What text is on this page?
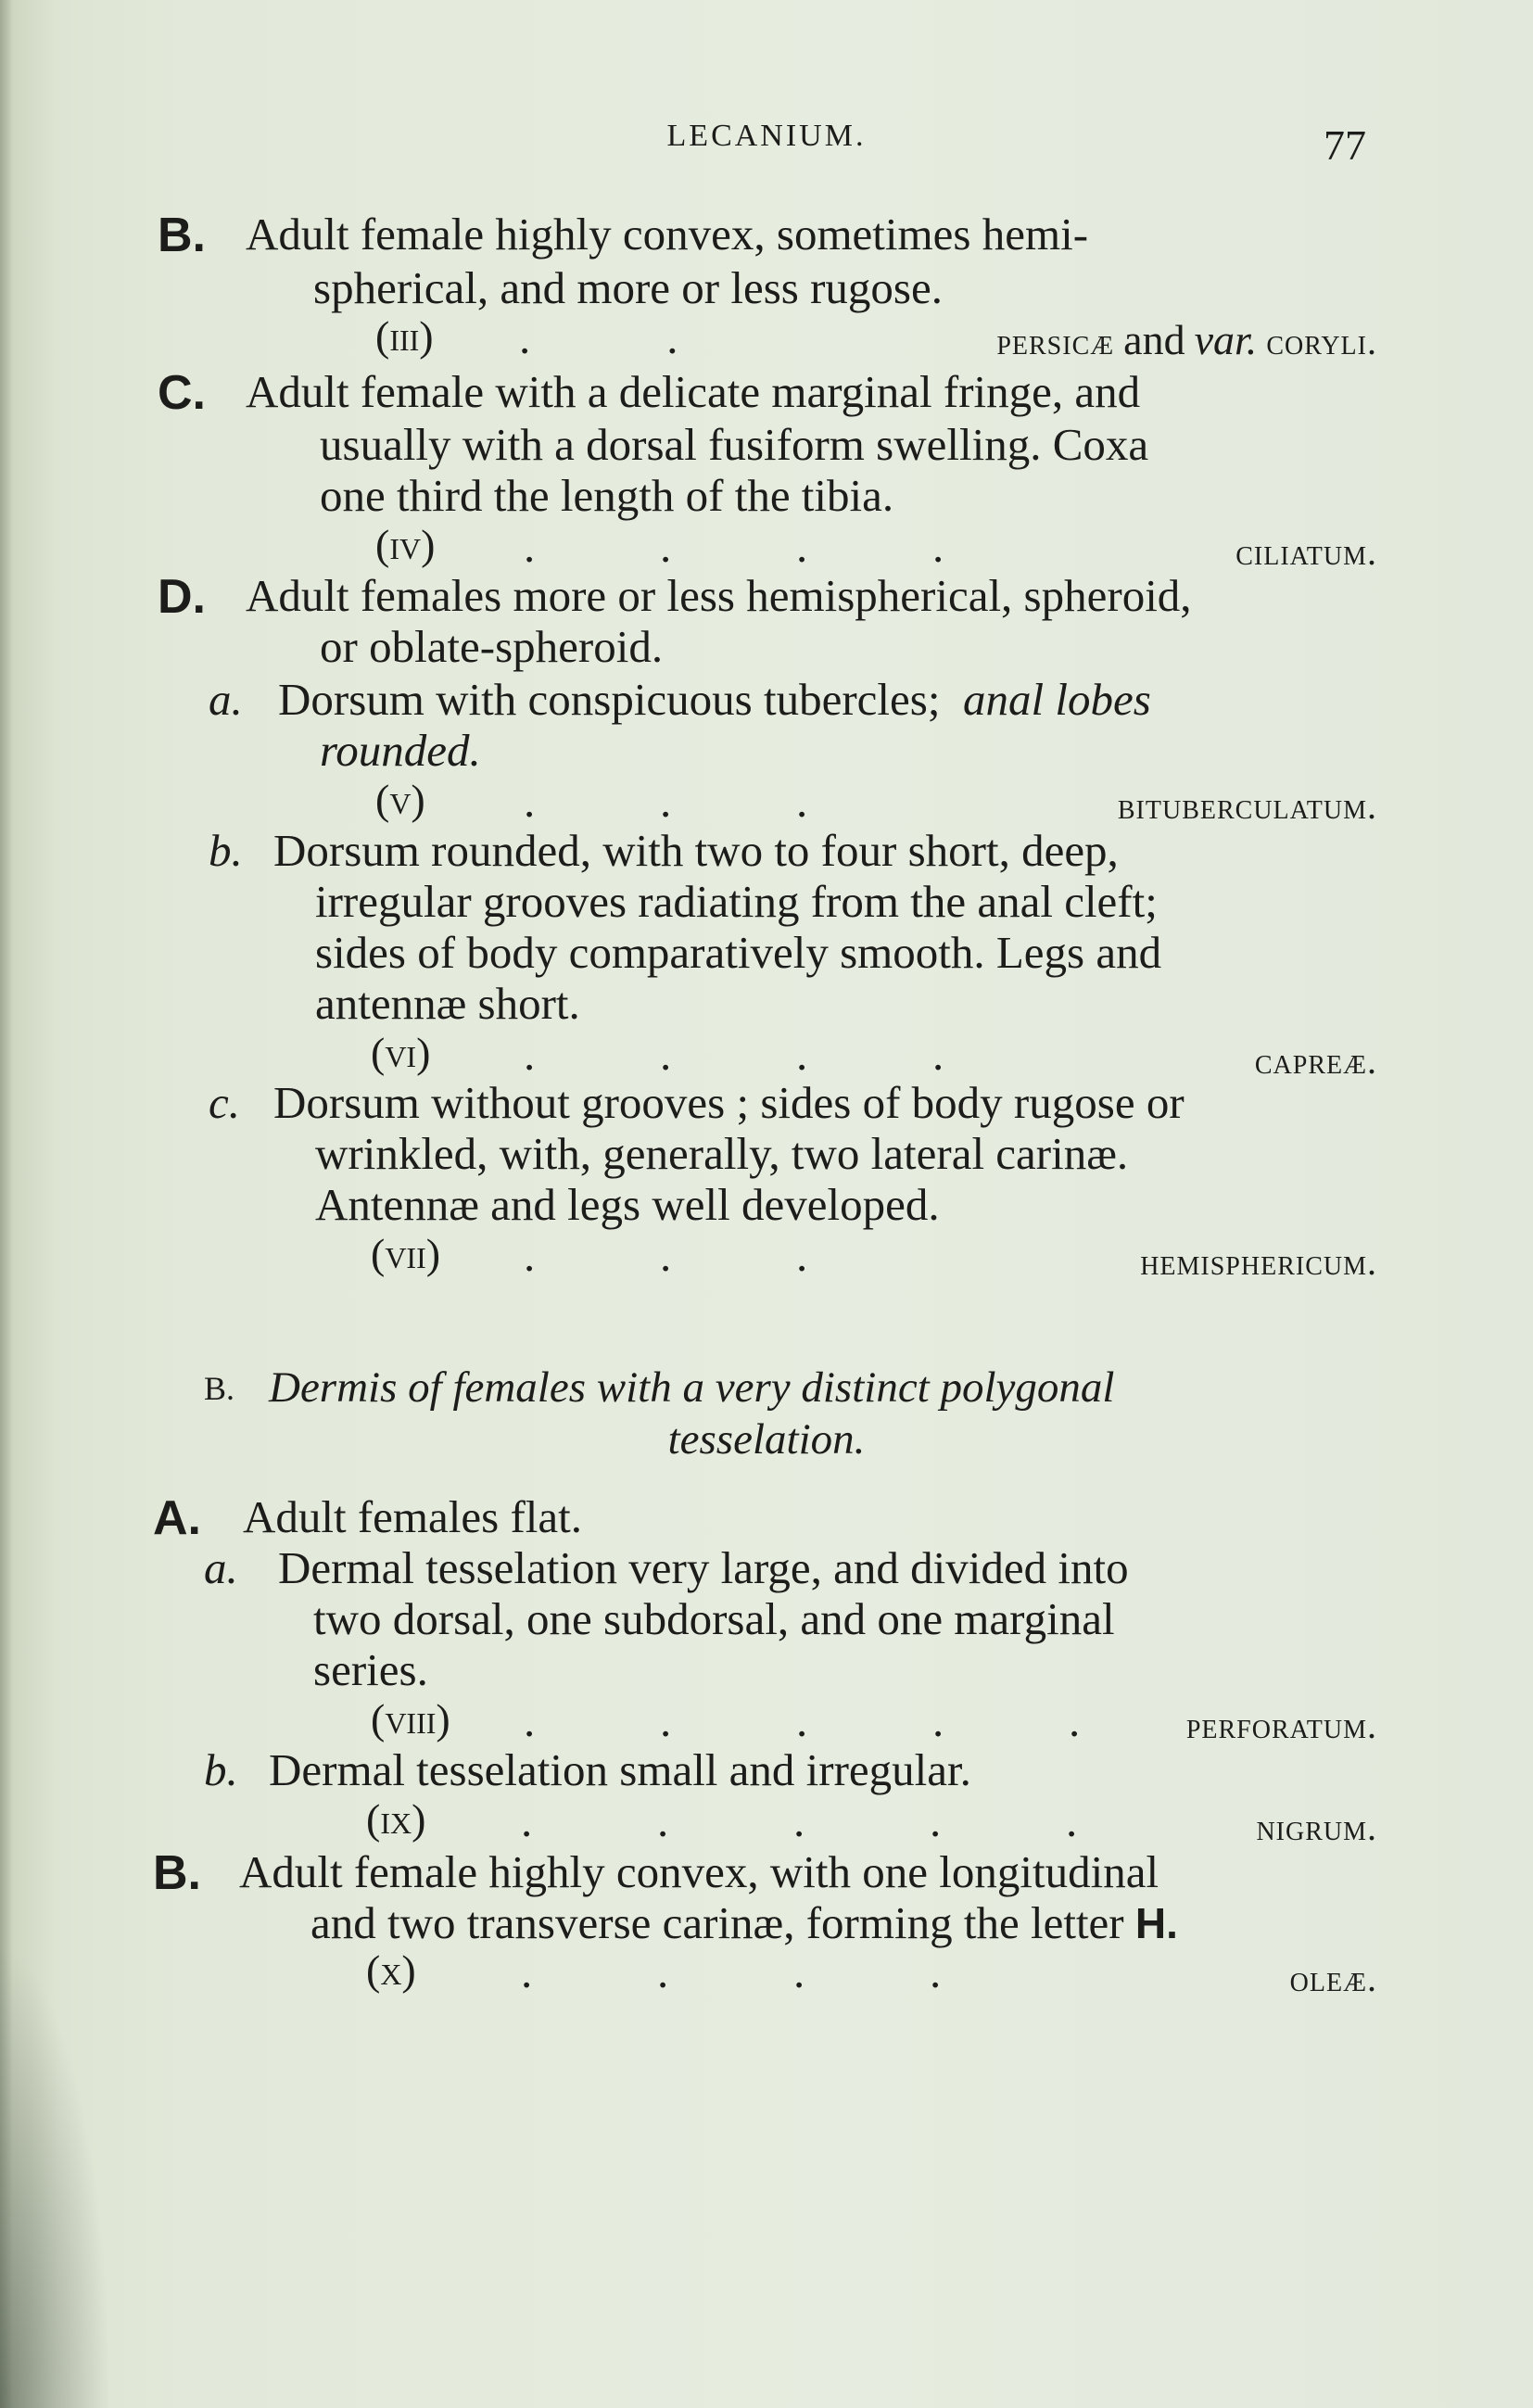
LECANIUM.	77
B. Adult female highly convex, sometimes hemi-
spherical, and more or less rugose.
(iii) .            .	persicæ and var. coryli.
C. Adult female with a delicate marginal fringe, and
usually with a dorsal fusiform swelling. Coxa
one third the length of the tibia.
(iv) .           .           .           .	ciliatum.
D. Adult females more or less hemispherical, spheroid,
or oblate-spheroid.
a. Dorsum with conspicuous tubercles; anal lobes
rounded.
(v) .           .           .	bituberculatum.
b. Dorsum rounded, with two to four short, deep,
irregular grooves radiating from the anal cleft;
sides of body comparatively smooth. Legs and
antennæ short.
(vi) .           .           .           .	capreæ.
c. Dorsum without grooves ; sides of body rugose or
wrinkled, with, generally, two lateral carinæ.
Antennæ and legs well developed.
(vii) .           .           .	hemisphericum.
B. Dermis of females with a very distinct polygonal
tesselation.
A. Adult females flat.
a. Dermal tesselation very large, and divided into
two dorsal, one subdorsal, and one marginal
series.
(viii) .           .           .           .           .	perforatum.
b. Dermal tesselation small and irregular.
(ix) .           .           .           .           .	nigrum.
B. Adult female highly convex, with one longitudinal
and two transverse carinæ, forming the letter H.
(x) .           .           .           .	oleæ.
